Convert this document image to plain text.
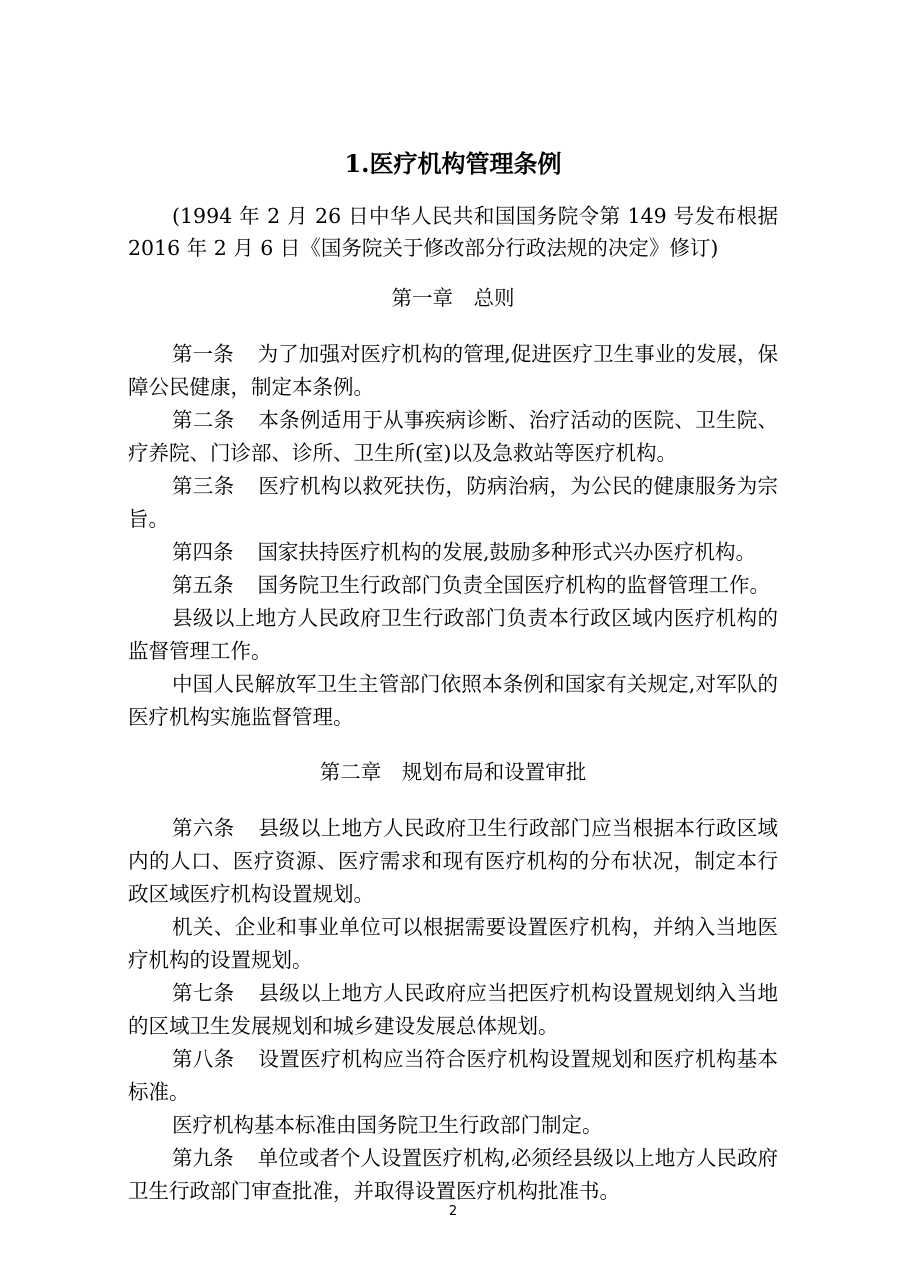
1.医疗机构管理条例
(1994 年 2 月 26 日中华人民共和国国务院令第 149 号发布根据 2016 年 2 月 6 日《国务院关于修改部分行政法规的决定》修订)
第一章　总则

第一条 为了加强对医疗机构的管理,促进医疗卫生事业的发展，保障公民健康，制定本条例。

第二条 本条例适用于从事疾病诊断、治疗活动的医院、卫生院、疗养院、门诊部、诊所、卫生所(室)以及急救站等医疗机构。

第三条 医疗机构以救死扶伤，防病治病，为公民的健康服务为宗旨。

第四条 国家扶持医疗机构的发展,鼓励多种形式兴办医疗机构。

第五条 国务院卫生行政部门负责全国医疗机构的监督管理工作。

县级以上地方人民政府卫生行政部门负责本行政区域内医疗机构的监督管理工作。

中国人民解放军卫生主管部门依照本条例和国家有关规定,对军队的医疗机构实施监督管理。

第二章　规划布局和设置审批

第六条 县级以上地方人民政府卫生行政部门应当根据本行政区域内的人口、医疗资源、医疗需求和现有医疗机构的分布状况，制定本行政区域医疗机构设置规划。

机关、企业和事业单位可以根据需要设置医疗机构，并纳入当地医疗机构的设置规划。

第七条 县级以上地方人民政府应当把医疗机构设置规划纳入当地的区域卫生发展规划和城乡建设发展总体规划。

第八条 设置医疗机构应当符合医疗机构设置规划和医疗机构基本标准。

医疗机构基本标准由国务院卫生行政部门制定。

第九条 单位或者个人设置医疗机构,必须经县级以上地方人民政府卫生行政部门审查批准，并取得设置医疗机构批准书。

2
